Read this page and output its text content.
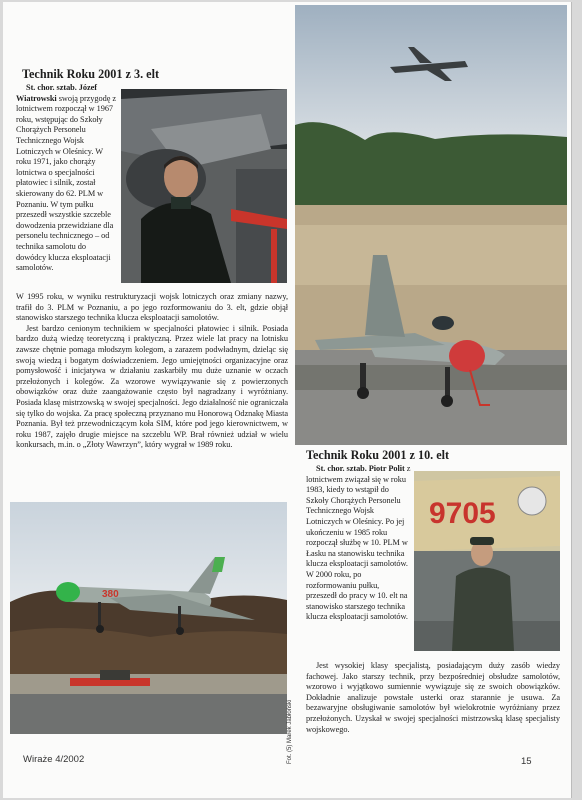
Technik Roku 2001 z 3. elt

St. chor. sztab. Józef Wiatrowski swoją przygodę z lotnictwem rozpoczął w 1967 roku, wstępując do Szkoły Chorążych Personelu Technicznego Wojsk Lotniczych w Oleśnicy. W roku 1971, jako chorąży lotnictwa o specjalności płatowiec i silnik, został skierowany do 62. PLM w Poznaniu. W tym pułku przeszedł wszystkie szczeble dowodzenia przewidziane dla personelu technicznego – od technika samolotu do dowódcy klucza eksploatacji samolotów.

W 1995 roku, w wyniku restrukturyzacji wojsk lotniczych oraz zmiany nazwy, trafił do 3. PLM w Poznaniu, a po jego rozformowaniu do 3. elt, gdzie objął stanowisko starszego technika klucza eksploatacji samolotów.

Jest bardzo cenionym technikiem w specjalności płatowiec i silnik. Posiada bardzo dużą wiedzę teoretyczną i praktyczną. Przez wiele lat pracy na lotnisku zawsze chętnie pomaga młodszym kolegom, a zarazem podwładnym, dzieląc się swoją wiedzą i bogatym doświadczeniem. Jego umiejętności organizacyjne oraz pomysłowość i inicjatywa w działaniu zaskarbiły mu duże uznanie w oczach przełożonych i kolegów. Za wzorowe wywiązywanie się z powierzonych obowiązków oraz duże zaangażowanie często był nagradzany i wyróżniany. Posiada klasę mistrzowską w swojej specjalności. Jego działalność nie ograniczała się tylko do wojska. Za pracę społeczną przyznano mu Honorową Odznakę Miasta Poznania. Był też przewodniczącym koła SIM, które pod jego kierownictwem, w roku 1987, zajęło drugie miejsce na szczeblu WP. Brał również udział w wielu konkursach, m.in. o „Złoty Wawrzyn”, który wygrał w 1989 roku.

Technik Roku 2001 z 10. elt
9705

St. chor. sztab. Piotr Polit z lotnictwem związał się w roku 1983, kiedy to wstąpił do Szkoły Chorążych Personelu Technicznego Wojsk Lotniczych w Oleśnicy. Po jej ukończeniu w 1985 roku rozpoczął służbę w 10. PLM w Łasku na stanowisku technika klucza eksploatacji samolotów. W 2000 roku, po rozformowaniu pułku, przeszedł do pracy w 10. elt na stanowisko starszego technika klucza eksploatacji samolotów.

Jest wysokiej klasy specjalistą, posiadającym duży zasób wiedzy fachowej. Jako starszy technik, przy bezpośredniej obsłudze samolotów, wzorowo i wyjątkowo sumiennie wywiązuje się ze swoich obowiązków. Dokładnie analizuje powstałe usterki oraz starannie je usuwa. Za bezawaryjne obsługiwanie samolotów był wielokrotnie wyróżniany przez przełożonych. Uzyskał w swojej specjalności mistrzowską klasę specjalisty wojskowego.

380
Fot. (5) Marek Jabłoński
Wiraże 4/2002	15
